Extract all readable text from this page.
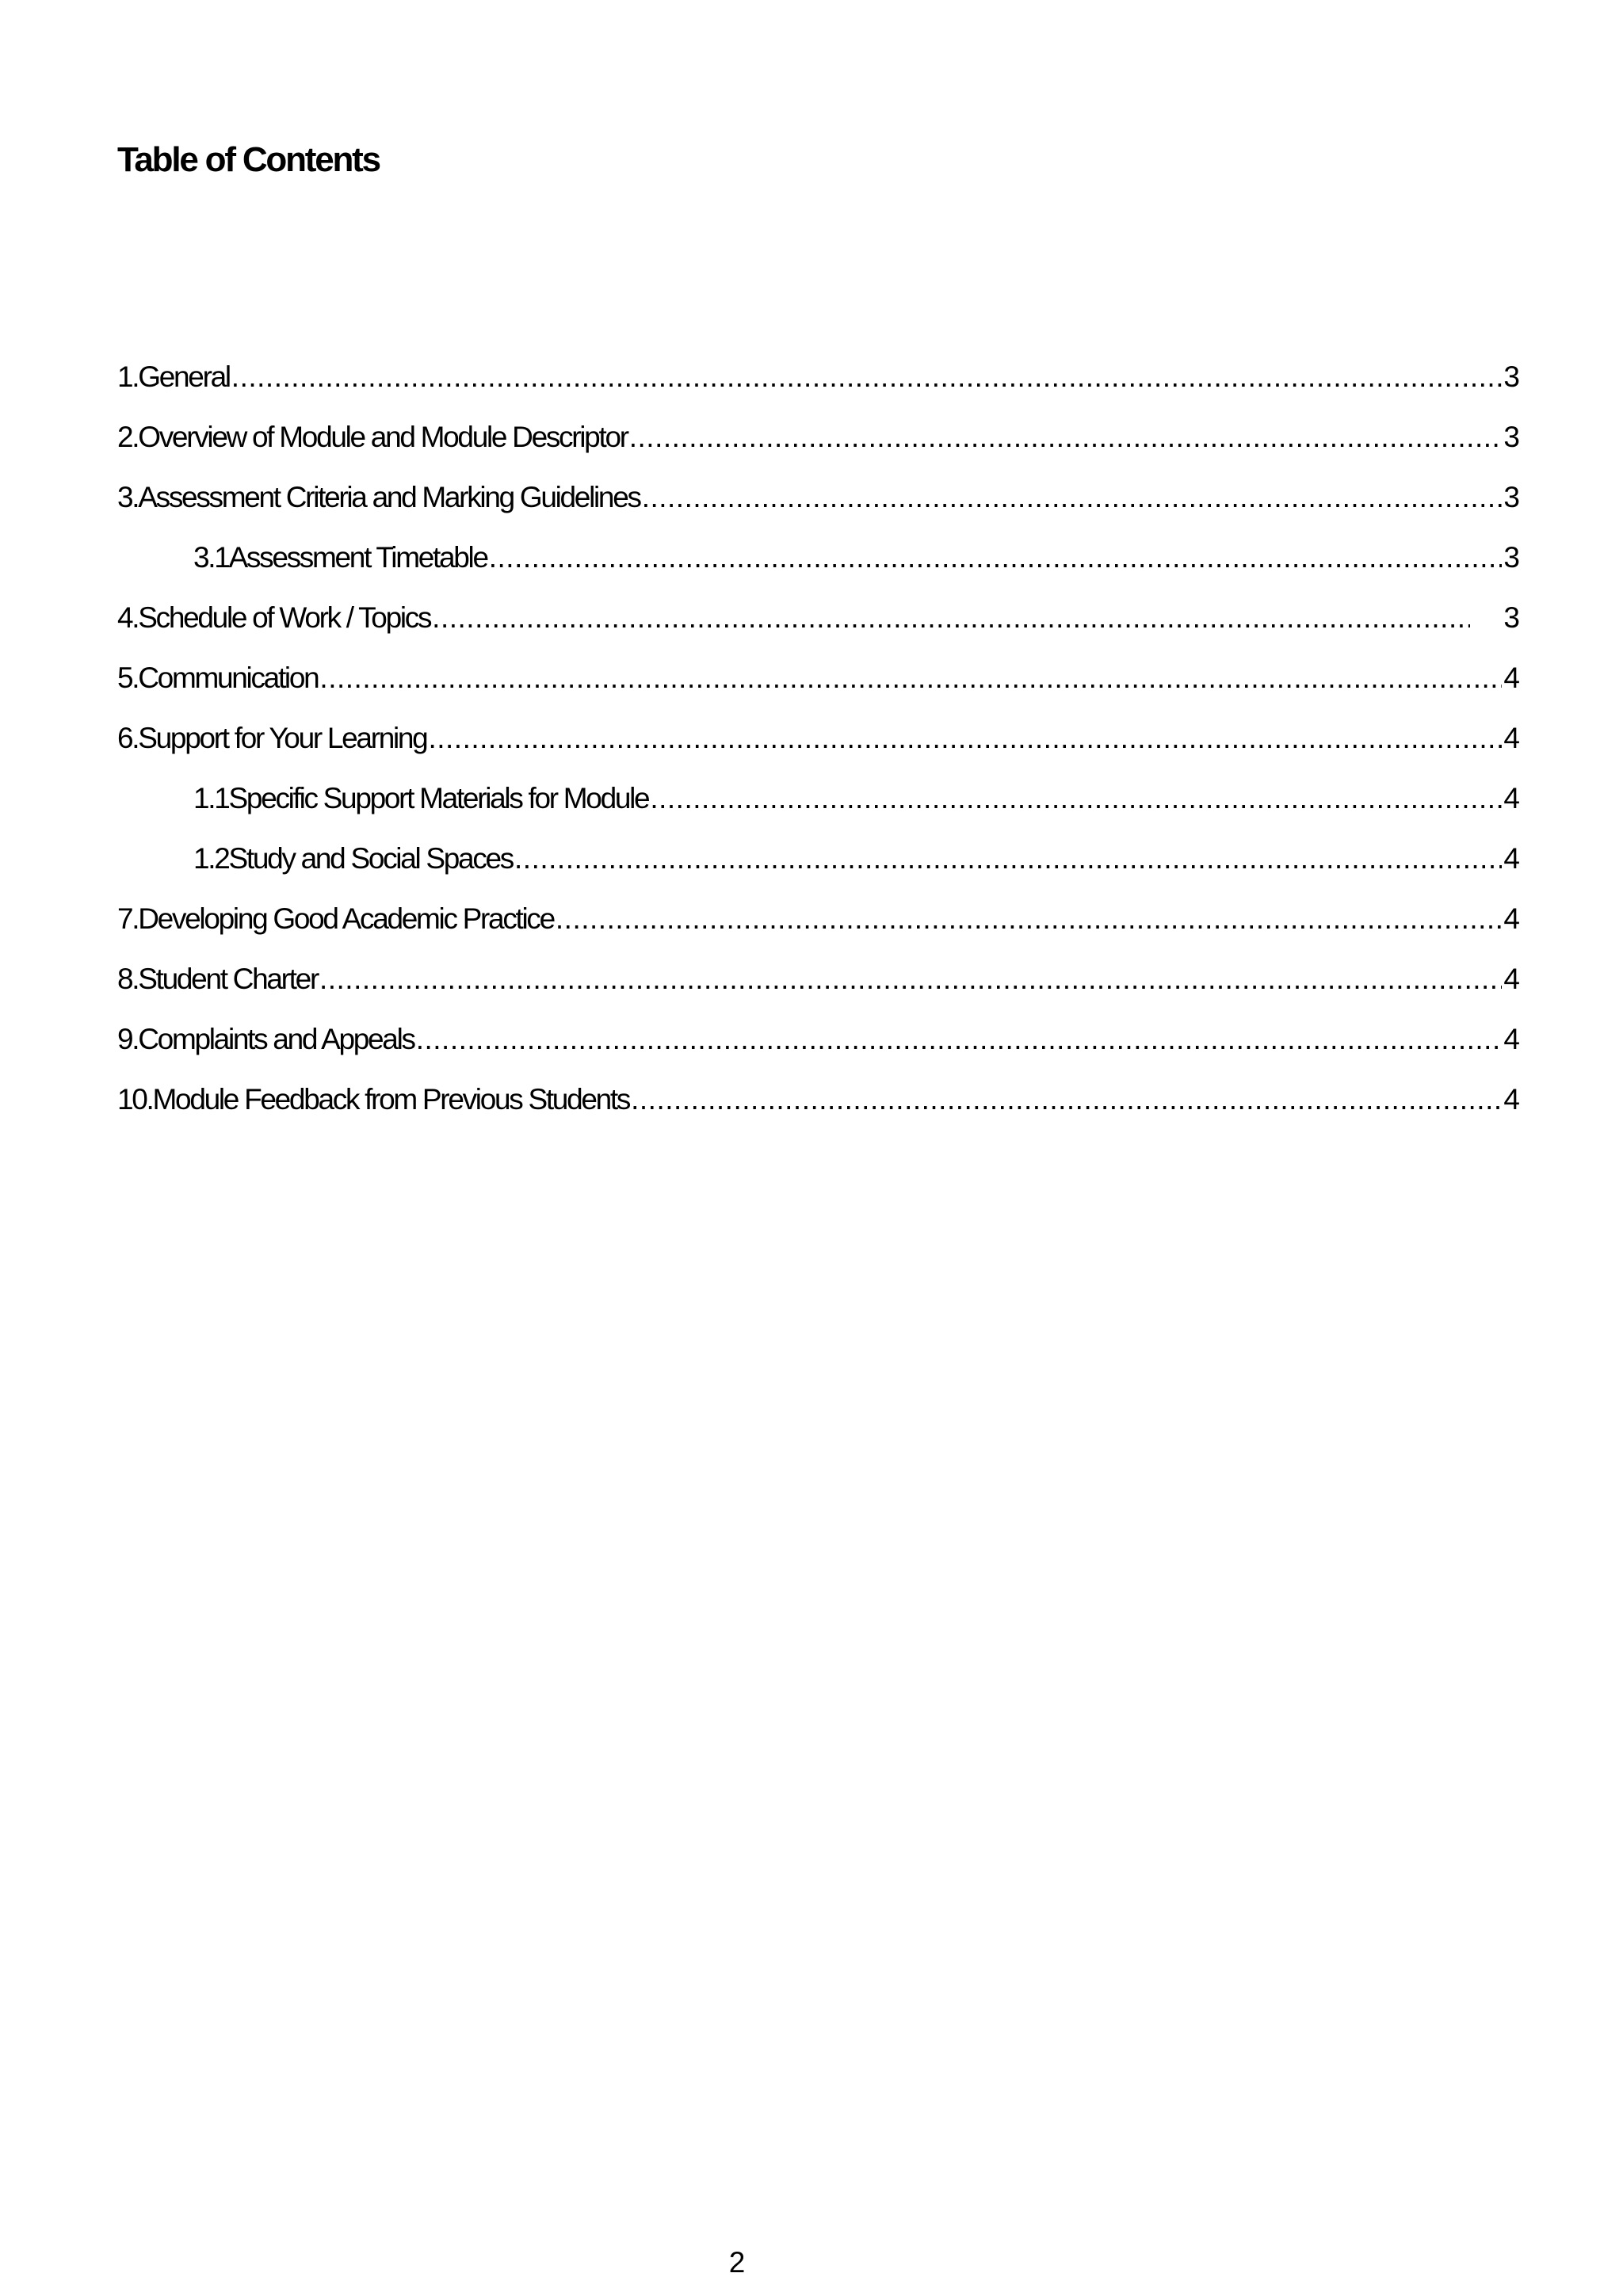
Table of Contents
1.General .....	3
2.Overview of Module and Module Descriptor .....	3
3.Assessment Criteria and Marking Guidelines .....	3
3.1Assessment Timetable .....	3
4.Schedule of Work / Topics .....	3
5.Communication .....	4
6.Support for Your Learning .....	4
1.1Specific Support Materials for Module .....	4
1.2Study and Social Spaces .....	4
7.Developing Good Academic Practice .....	4
8.Student Charter .....	4
9.Complaints and Appeals .....	4
10.Module Feedback from Previous Students .....	4
2
